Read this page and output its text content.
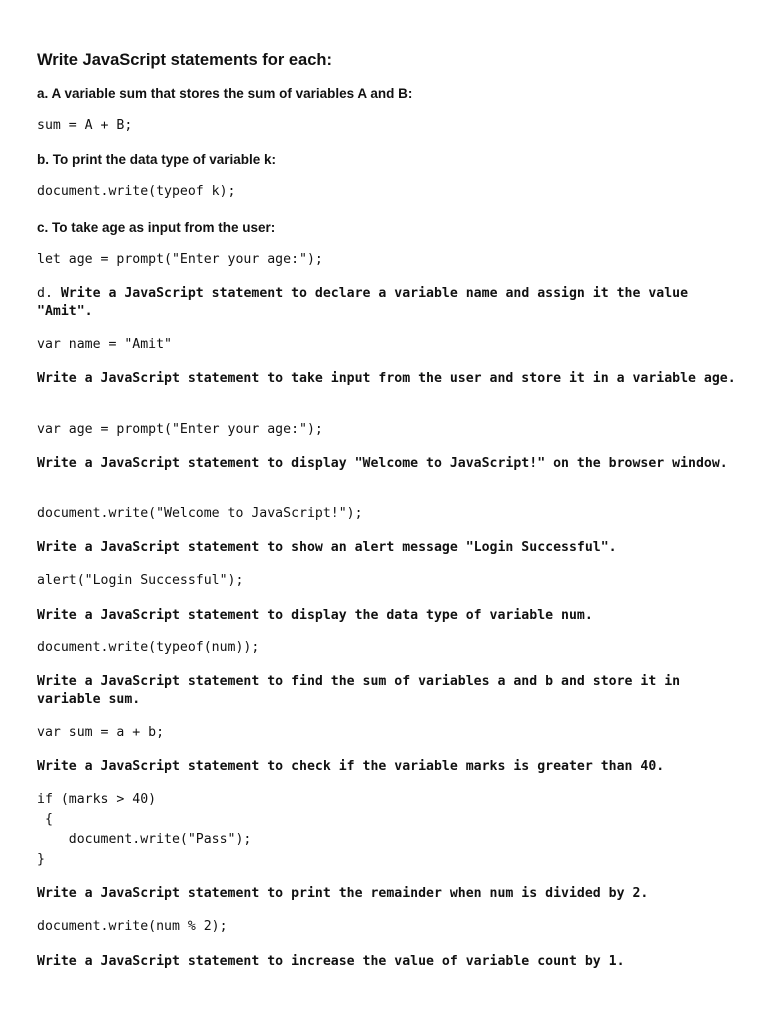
Write JavaScript statements for each:
a. A variable sum that stores the sum of variables A and B:
sum = A + B;
b. To print the data type of variable k:
document.write(typeof k);
c. To take age as input from the user:
let age = prompt("Enter your age:");
d. Write a JavaScript statement to declare a variable name and assign it the value "Amit".
var name = "Amit"
Write a JavaScript statement to take input from the user and store it in a variable age.
var age = prompt("Enter your age:");
Write a JavaScript statement to display "Welcome to JavaScript!" on the browser window.
document.write("Welcome to JavaScript!");
Write a JavaScript statement to show an alert message "Login Successful".
alert("Login Successful");
Write a JavaScript statement to display the data type of variable num.
document.write(typeof(num));
Write a JavaScript statement to find the sum of variables a and b and store it in variable sum.
var sum = a + b;
Write a JavaScript statement to check if the variable marks is greater than 40.
if (marks > 40)
{
document.write("Pass");
}
Write a JavaScript statement to print the remainder when num is divided by 2.
document.write(num % 2);
Write a JavaScript statement to increase the value of variable count by 1.
